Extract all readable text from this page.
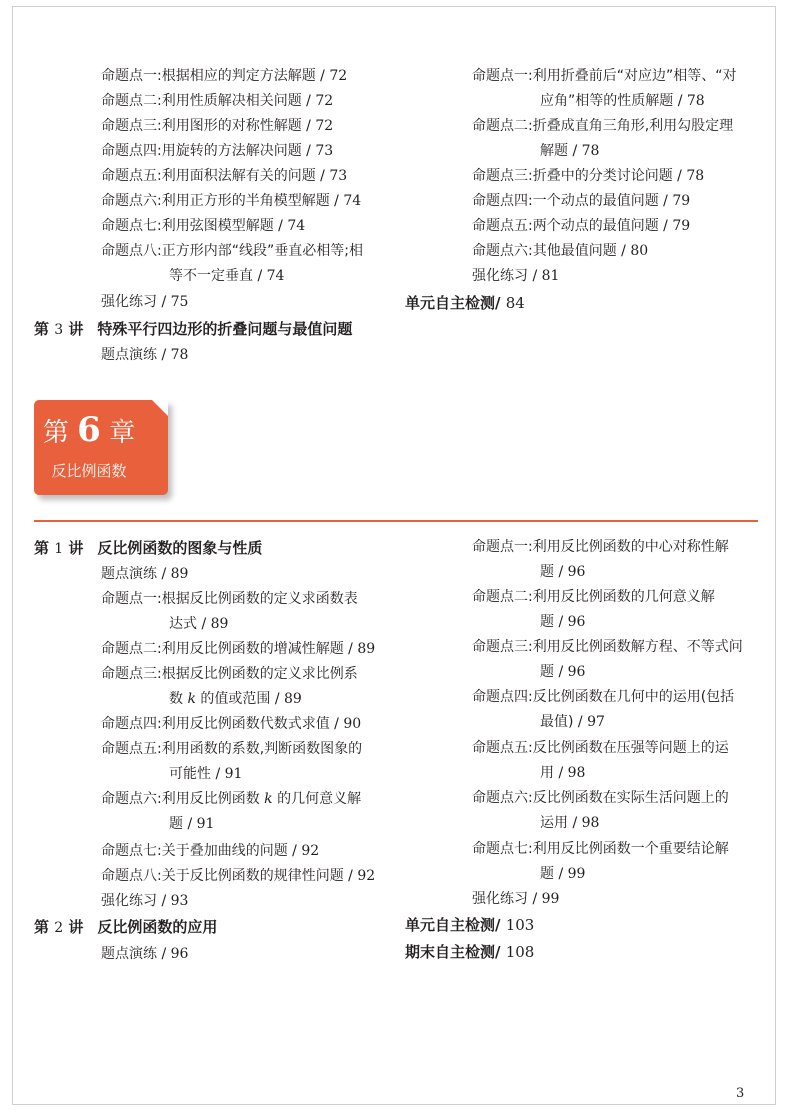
命题点一:根据相应的判定方法解题 / 72
命题点二:利用性质解决相关问题 / 72
命题点三:利用图形的对称性解题 / 72
命题点四:用旋转的方法解决问题 / 73
命题点五:利用面积法解有关的问题 / 73
命题点六:利用正方形的半角模型解题 / 74
命题点七:利用弦图模型解题 / 74
命题点八:正方形内部“线段”垂直必相等;相
等不一定垂直 / 74
强化练习 / 75
第 3 讲 特殊平行四边形的折叠问题与最值问题
题点演练 / 78
命题点一:利用折叠前后“对应边”相等、“对
应角”相等的性质解题 / 78
命题点二:折叠成直角三角形,利用勾股定理
解题 / 78
命题点三:折叠中的分类讨论问题 / 78
命题点四:一个动点的最值问题 / 79
命题点五:两个动点的最值问题 / 79
命题点六:其他最值问题 / 80
强化练习 / 81
单元自主检测/ 84
第 6 章
反比例函数
第 1 讲 反比例函数的图象与性质
题点演练 / 89
命题点一:根据反比例函数的定义求函数表
达式 / 89
命题点二:利用反比例函数的增减性解题 / 89
命题点三:根据反比例函数的定义求比例系
数 k 的值或范围 / 89
命题点四:利用反比例函数代数式求值 / 90
命题点五:利用函数的系数,判断函数图象的
可能性 / 91
命题点六:利用反比例函数 k 的几何意义解
题 / 91
命题点七:关于叠加曲线的问题 / 92
命题点八:关于反比例函数的规律性问题 / 92
强化练习 / 93
第 2 讲 反比例函数的应用
题点演练 / 96
命题点一:利用反比例函数的中心对称性解
题 / 96
命题点二:利用反比例函数的几何意义解
题 / 96
命题点三:利用反比例函数解方程、不等式问
题 / 96
命题点四:反比例函数在几何中的运用(包括
最值) / 97
命题点五:反比例函数在压强等问题上的运
用 / 98
命题点六:反比例函数在实际生活问题上的
运用 / 98
命题点七:利用反比例函数一个重要结论解
题 / 99
强化练习 / 99
单元自主检测/ 103
期末自主检测/ 108
3
